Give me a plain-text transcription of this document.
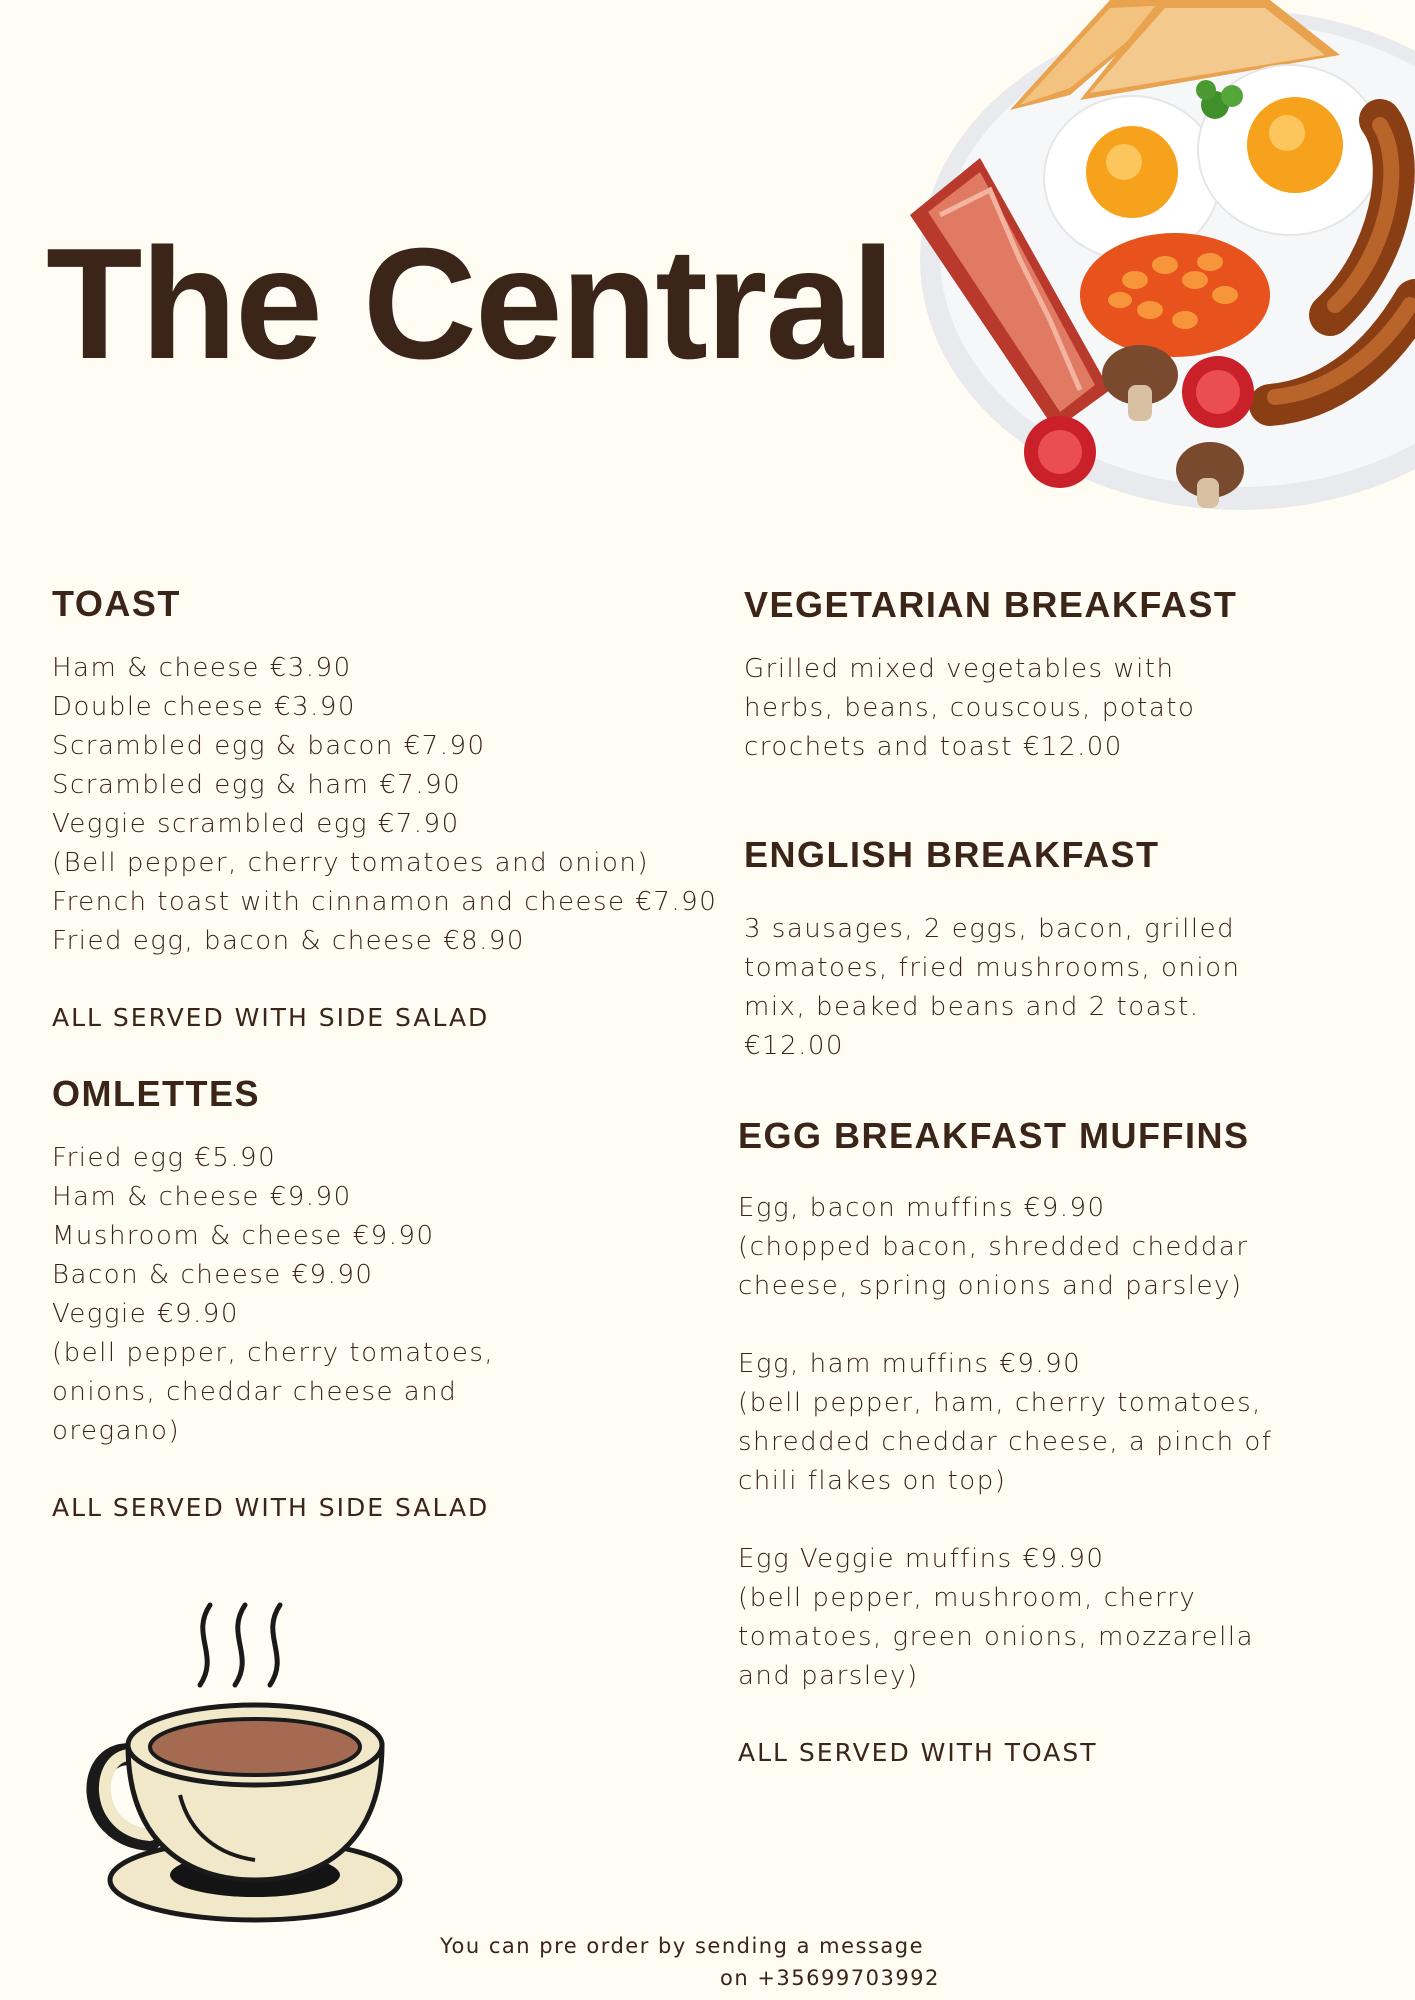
The Central
TOAST
Ham & cheese €3.90
Double cheese €3.90
Scrambled egg & bacon €7.90
Scrambled egg & ham €7.90
Veggie scrambled egg €7.90
(Bell pepper, cherry tomatoes and onion)
French toast with cinnamon and cheese €7.90
Fried egg, bacon & cheese €8.90
ALL SERVED WITH SIDE SALAD
OMLETTES
Fried egg €5.90
Ham & cheese €9.90
Mushroom & cheese €9.90
Bacon & cheese €9.90
Veggie €9.90
(bell pepper, cherry tomatoes,
onions, cheddar cheese and
oregano)
ALL SERVED WITH SIDE SALAD
VEGETARIAN BREAKFAST
Grilled mixed vegetables with
herbs, beans, couscous, potato
crochets and toast €12.00
ENGLISH BREAKFAST
3 sausages, 2 eggs, bacon, grilled
tomatoes, fried mushrooms, onion
mix, beaked beans and 2 toast.
€12.00
EGG BREAKFAST MUFFINS
Egg, bacon muffins €9.90
(chopped bacon, shredded cheddar
cheese, spring onions and parsley)
Egg, ham muffins €9.90
(bell pepper, ham, cherry tomatoes,
shredded cheddar cheese, a pinch of
chili flakes on top)
Egg Veggie muffins €9.90
(bell pepper, mushroom, cherry
tomatoes, green onions, mozzarella
and parsley)
ALL SERVED WITH TOAST
You can pre order by sending a message
on +35699703992
